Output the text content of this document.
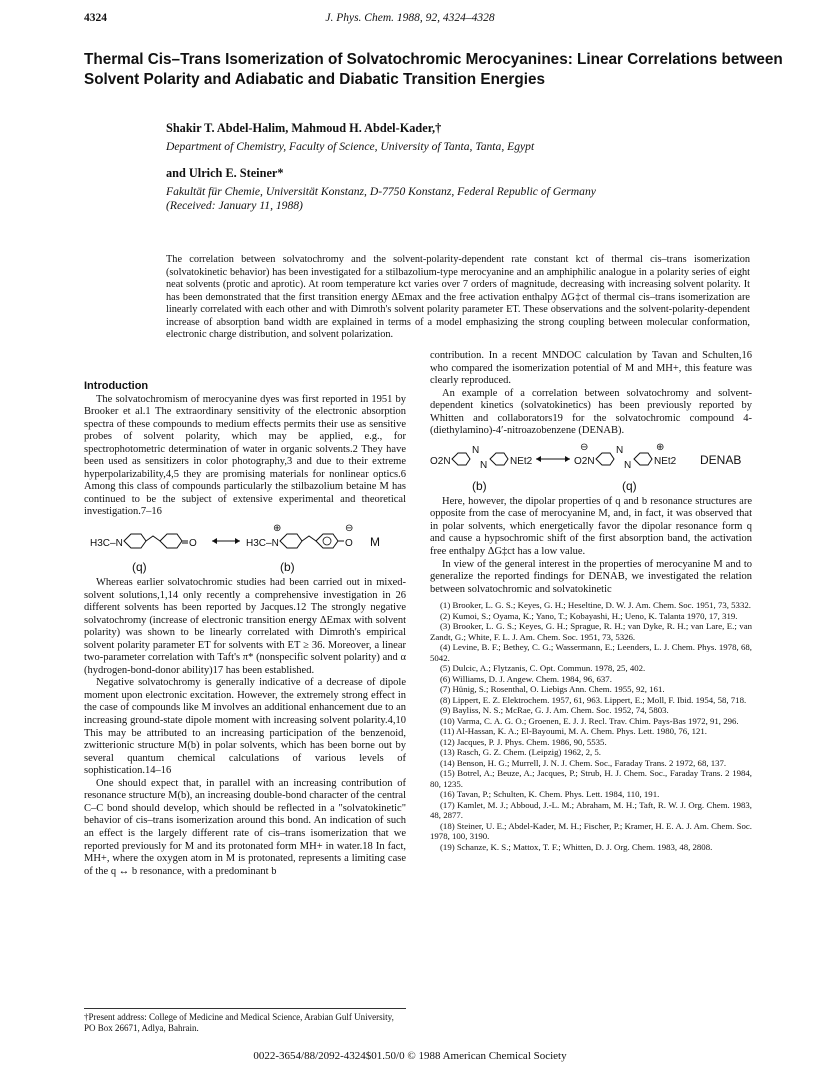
4324	J. Phys. Chem. 1988, 92, 4324–4328
Thermal Cis–Trans Isomerization of Solvatochromic Merocyanines: Linear Correlations between Solvent Polarity and Adiabatic and Diabatic Transition Energies
Shakir T. Abdel-Halim, Mahmoud H. Abdel-Kader,†
Department of Chemistry, Faculty of Science, University of Tanta, Tanta, Egypt
and Ulrich E. Steiner*
Fakultät für Chemie, Universität Konstanz, D-7750 Konstanz, Federal Republic of Germany
(Received: January 11, 1988)
The correlation between solvatochromy and the solvent-polarity-dependent rate constant kct of thermal cis–trans isomerization (solvatokinetic behavior) has been investigated for a stilbazolium-type merocyanine and an amphiphilic analogue in a polarity series of eight neat solvents (protic and aprotic). At room temperature kct varies over 7 orders of magnitude, decreasing with increasing solvent polarity. It has been demonstrated that the first transition energy ΔEmax and the free activation enthalpy ΔG‡ct of thermal cis–trans isomerization are linearly correlated with each other and with Dimroth's solvent polarity parameter ET. These observations and the solvent-polarity-dependent increase of absorption band width are explained in terms of a model emphasizing the strong coupling between molecular conformation, electronic charge distribution, and solvent polarization.
Introduction

The solvatochromism of merocyanine dyes was first reported in 1951 by Brooker et al.1 The extraordinary sensitivity of the electronic absorption spectra of these compounds to medium effects permits their use as sensitive probes of solvent polarity, which may be applied, e.g., for spectrophotometric determination of water in organic solvents.2 They have been used as sensitizers in color photography,3 and due to their extreme hyperpolarizability,4,5 they are promising materials for nonlinear optics.6 Among this class of compounds particularly the stilbazolium betaine M has continued to be the subject of extensive experimental and theoretical investigation.7–16

H3C–N	O	H3C–N
⊕
O
⊖
M
(q)	(b)

Whereas earlier solvatochromic studies had been carried out in mixed-solvent solutions,1,14 only recently a comprehensive investigation in 26 different solvents has been reported by Jacques.12 The strongly negative solvatochromy (increase of electronic transition energy ΔEmax with solvent polarity) was shown to be linearly correlated with Dimroth's empirical solvent polarity parameter ET for solvents with ET ≥ 36. Moreover, a linear two-parameter correlation with Taft's π* (nonspecific solvent polarity) and α (hydrogen-bond-donor ability)17 has been established.

Negative solvatochromy is generally indicative of a decrease of dipole moment upon electronic excitation. However, the extremely strong effect in the case of compounds like M involves an additional enhancement due to an increasing ground-state dipole moment with increasing solvent polarity.4,10 This may be attributed to an increasing participation of the benzenoid, zwitterionic structure M(b) in polar solvents, which has been borne out by several quantum chemical calculations of various levels of sophistication.14–16

One should expect that, in parallel with an increasing contribution of resonance structure M(b), an increasing double-bond character of the central C–C bond should develop, which should be reflected in a "solvatokinetic" behavior of cis–trans isomerization around this bond. An indication of such an effect is the largely different rate of cis–trans isomerization that we reported previously for M and its protonated form MH+ in water.18 In fact, MH+, where the oxygen atom in M is protonated, represents a limiting case of the q ↔ b resonance, with a predominant b

†Present address: College of Medicine and Medical Science, Arabian Gulf University, PO Box 26671, Adlya, Bahrain.

contribution. In a recent MNDOC calculation by Tavan and Schulten,16 who compared the isomerization potential of M and MH+, this feature was clearly reproduced.

An example of a correlation between solvatochromy and solvent-dependent kinetics (solvatokinetics) has been previously reported by Whitten and collaborators19 for the solvatochromic compound 4-(diethylamino)-4′-nitroazobenzene (DENAB).

O2N
N
N NEt2	O2N
⊖	N
N NEt2
⊕
DENAB
(b)	(q)

Here, however, the dipolar properties of q and b resonance structures are opposite from the case of merocyanine M, and, in fact, it was observed that in polar solvents, which energetically favor the dipolar resonance form q and cause a hypsochromic shift of the first absorption band, the activation free enthalpy ΔG‡ct has a low value.

In view of the general interest in the properties of merocyanine M and to generalize the reported findings for DENAB, we investigated the relation between solvatochromic and solvatokinetic

(1) Brooker, L. G. S.; Keyes, G. H.; Heseltine, D. W. J. Am. Chem. Soc. 1951, 73, 5332.
(2) Kumoi, S.; Oyama, K.; Yano, T.; Kobayashi, H.; Ueno, K. Talanta 1970, 17, 319.
(3) Brooker, L. G. S.; Keyes, G. H.; Sprague, R. H.; van Dyke, R. H.; van Lare, E.; van Zandt, G.; White, F. L. J. Am. Chem. Soc. 1951, 73, 5326.
(4) Levine, B. F.; Bethey, C. G.; Wassermann, E.; Leenders, L. J. Chem. Phys. 1978, 68, 5042.
(5) Dulcic, A.; Flytzanis, C. Opt. Commun. 1978, 25, 402.
(6) Williams, D. J. Angew. Chem. 1984, 96, 637.
(7) Hünig, S.; Rosenthal, O. Liebigs Ann. Chem. 1955, 92, 161.
(8) Lippert, E. Z. Elektrochem. 1957, 61, 963. Lippert, E.; Moll, F. Ibid. 1954, 58, 718.
(9) Bayliss, N. S.; McRae, G. J. Am. Chem. Soc. 1952, 74, 5803.
(10) Varma, C. A. G. O.; Groenen, E. J. J. Recl. Trav. Chim. Pays-Bas 1972, 91, 296.
(11) Al-Hassan, K. A.; El-Bayoumi, M. A. Chem. Phys. Lett. 1980, 76, 121.
(12) Jacques, P. J. Phys. Chem. 1986, 90, 5535.
(13) Rasch, G. Z. Chem. (Leipzig) 1962, 2, 5.
(14) Benson, H. G.; Murrell, J. N. J. Chem. Soc., Faraday Trans. 2 1972, 68, 137.
(15) Botrel, A.; Beuze, A.; Jacques, P.; Strub, H. J. Chem. Soc., Faraday Trans. 2 1984, 80, 1235.
(16) Tavan, P.; Schulten, K. Chem. Phys. Lett. 1984, 110, 191.
(17) Kamlet, M. J.; Abboud, J.-L. M.; Abraham, M. H.; Taft, R. W. J. Org. Chem. 1983, 48, 2877.
(18) Steiner, U. E.; Abdel-Kader, M. H.; Fischer, P.; Kramer, H. E. A. J. Am. Chem. Soc. 1978, 100, 3190.
(19) Schanze, K. S.; Mattox, T. F.; Whitten, D. J. Org. Chem. 1983, 48, 2808.
0022-3654/88/2092-4324$01.50/0 © 1988 American Chemical Society
